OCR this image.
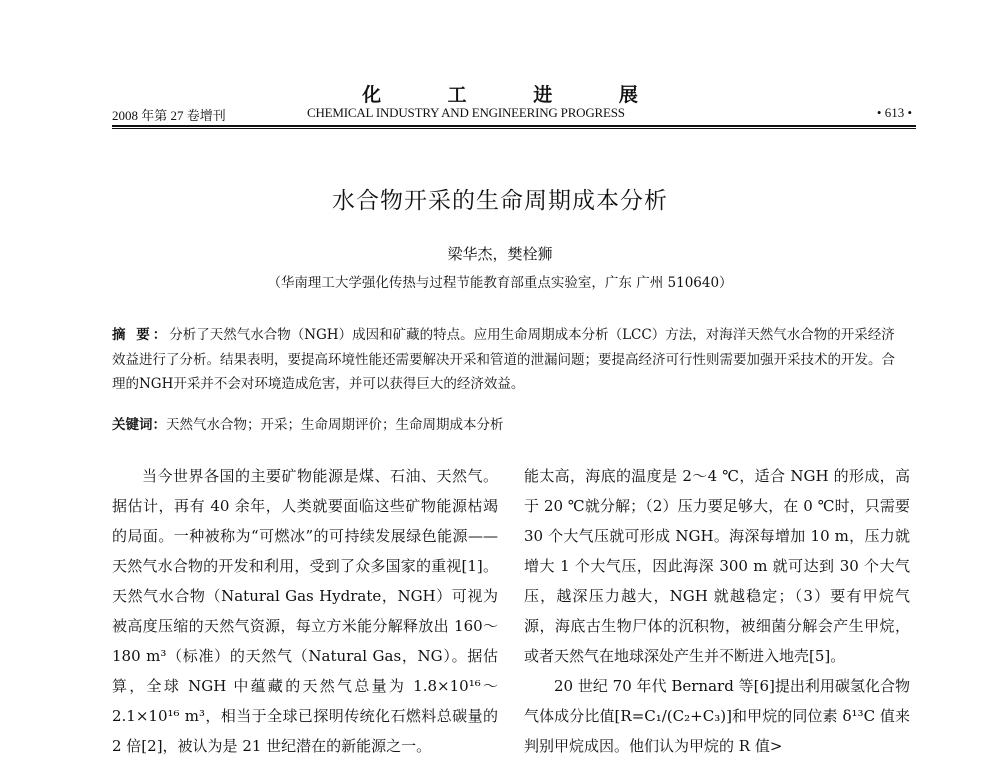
化 工 进 展
2008 年第 27 卷增刊	CHEMICAL INDUSTRY AND ENGINEERING PROGRESS	• 613 •
水合物开采的生命周期成本分析
梁华杰，樊栓狮
（华南理工大学强化传热与过程节能教育部重点实验室，广东 广州 510640）
摘 要：分析了天然气水合物（NGH）成因和矿藏的特点。应用生命周期成本分析（LCC）方法，对海洋天然气水合物的开采经济效益进行了分析。结果表明，要提高环境性能还需要解决开采和管道的泄漏问题；要提高经济可行性则需要加强开采技术的开发。合理的NGH开采并不会对环境造成危害，并可以获得巨大的经济效益。
关键词：天然气水合物；开采；生命周期评价；生命周期成本分析

当今世界各国的主要矿物能源是煤、石油、天然气。据估计，再有 40 余年，人类就要面临这些矿物能源枯竭的局面。一种被称为“可燃冰”的可持续发展绿色能源——天然气水合物的开发和利用，受到了众多国家的重视[1]。天然气水合物（Natural Gas Hydrate，NGH）可视为被高度压缩的天然气资源，每立方米能分解释放出 160～180 m³（标准）的天然气（Natural Gas，NG）。据估算，全球 NGH 中蕴藏的天然气总量为 1.8×10¹⁶～2.1×10¹⁶ m³，相当于全球已探明传统化石燃料总碳量的 2 倍[2]，被认为是 21 世纪潜在的新能源之一。

能太高，海底的温度是 2～4 ℃，适合 NGH 的形成，高于 20 ℃就分解；（2）压力要足够大，在 0 ℃时，只需要 30 个大气压就可形成 NGH。海深每增加 10 m，压力就增大 1 个大气压，因此海深 300 m 就可达到 30 个大气压，越深压力越大，NGH 就越稳定；（3）要有甲烷气源，海底古生物尸体的沉积物，被细菌分解会产生甲烷，或者天然气在地球深处产生并不断进入地壳[5]。

20 世纪 70 年代 Bernard 等[6]提出利用碳氢化合物气体成分比值[R=C₁/(C₂+C₃)]和甲烷的同位素 δ¹³C 值来判别甲烷成因。他们认为甲烷的 R 值>
